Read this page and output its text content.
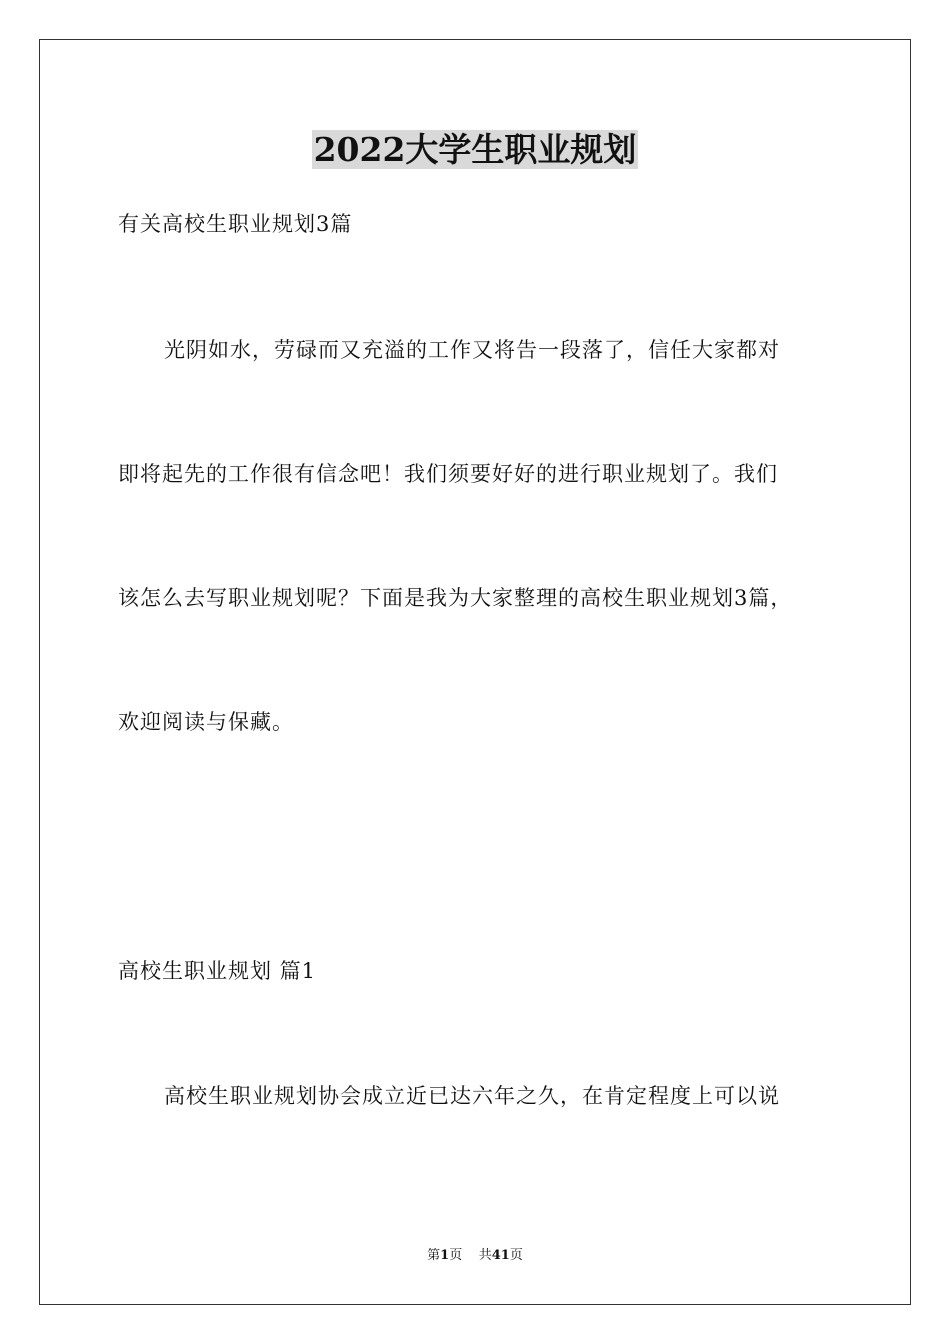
2022大学生职业规划
有关高校生职业规划3篇
光阴如水，劳碌而又充溢的工作又将告一段落了，信任大家都对
即将起先的工作很有信念吧！我们须要好好的进行职业规划了。我们
该怎么去写职业规划呢？下面是我为大家整理的高校生职业规划3篇，
欢迎阅读与保藏。
高校生职业规划 篇1
高校生职业规划协会成立近已达六年之久，在肯定程度上可以说
第1页 共41页
